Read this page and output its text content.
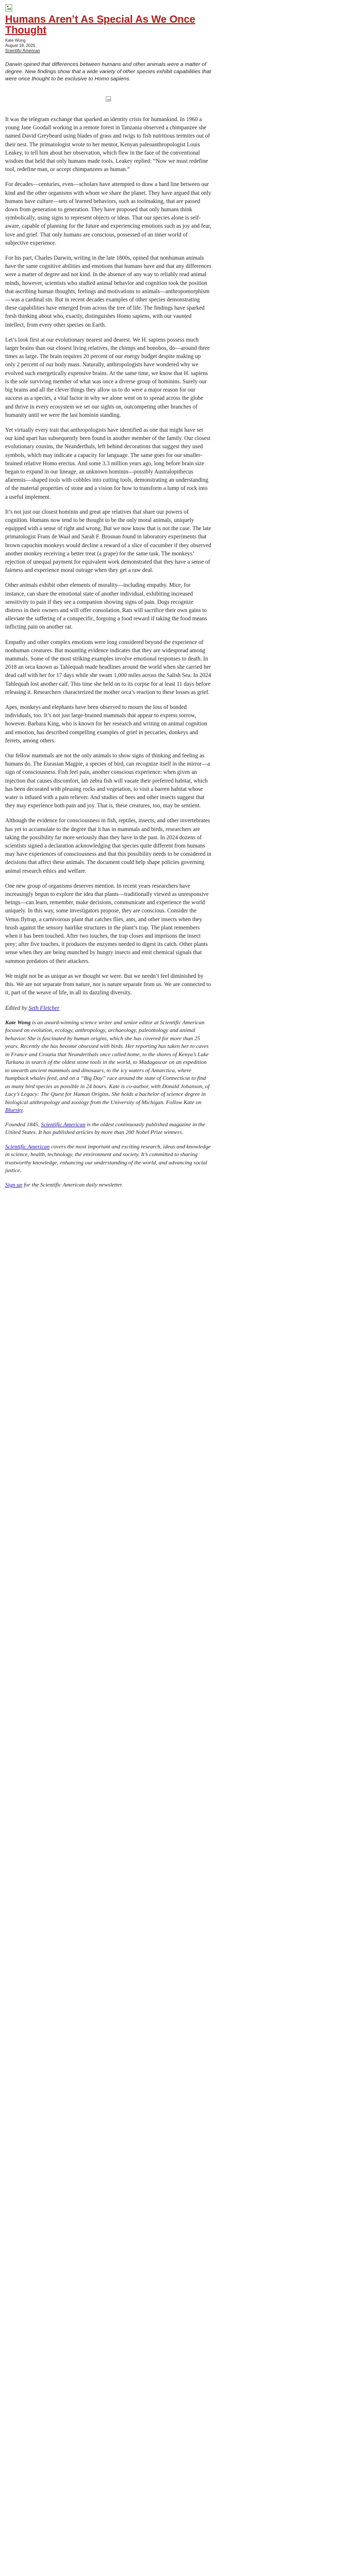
Humans Aren’t As Special As We Once Thought
Kate Wong
August 18, 2025
Scientific American

Darwin opined that differences between humans and other animals were a matter of degree. New findings show that a wide variety of other species exhibit capabilities that were once thought to be exclusive to Homo sapiens.

It was the telegram exchange that sparked an identity crisis for humankind. In 1960 a young Jane Goodall working in a remote forest in Tanzania observed a chimpanzee she named David Greybeard using blades of grass and twigs to fish nutritious termites out of their nest. The primatologist wrote to her mentor, Kenyan paleoanthropologist Louis Leakey, to tell him about her observation, which flew in the face of the conventional wisdom that held that only humans made tools. Leakey replied: “Now we must redefine tool, redefine man, or accept chimpanzees as human.”

For decades—centuries, even—scholars have attempted to draw a hard line between our kind and the other organisms with whom we share the planet. They have argued that only humans have culture—sets of learned behaviors, such as toolmaking, that are passed down from generation to generation. They have proposed that only humans think symbolically, using signs to represent objects or ideas. That our species alone is self-aware, capable of planning for the future and experiencing emotions such as joy and fear, love and grief. That only humans are conscious, possessed of an inner world of subjective experience.

For his part, Charles Darwin, writing in the late 1800s, opined that nonhuman animals have the same cognitive abilities and emotions that humans have and that any differences were a matter of degree and not kind. In the absence of any way to reliably read animal minds, however, scientists who studied animal behavior and cognition took the position that ascribing human thoughts, feelings and motivations to animals—anthropomorphism—was a cardinal sin. But in recent decades examples of other species demonstrating these capabilities have emerged from across the tree of life. The findings have sparked fresh thinking about who, exactly, distinguishes Homo sapiens, with our vaunted intellect, from every other species on Earth.

Let’s look first at our evolutionary nearest and dearest. We H. sapiens possess much larger brains than our closest living relatives, the chimps and bonobos, do—around three times as large. The brain requires 20 percent of our energy budget despite making up only 2 percent of our body mass. Naturally, anthropologists have wondered why we evolved such energetically expensive brains. At the same time, we know that H. sapiens is the sole surviving member of what was once a diverse group of hominins. Surely our big brains and all the clever things they allow us to do were a major reason for our success as a species, a vital factor in why we alone went on to spread across the globe and thrive in every ecosystem we set our sights on, outcompeting other branches of humanity until we were the last hominin standing.

Yet virtually every trait that anthropologists have identified as one that might have set our kind apart has subsequently been found in another member of the family. Our closest evolutionary cousins, the Neanderthals, left behind decorations that suggest they used symbols, which may indicate a capacity for language. The same goes for our smaller-brained relative Homo erectus. And some 3.3 million years ago, long before brain size began to expand in our lineage, an unknown hominin—possibly Australopithecus afarensis—shaped tools with cobbles into cutting tools, demonstrating an understanding of the material properties of stone and a vision for how to transform a lump of rock into a useful implement.

It’s not just our closest hominin and great ape relatives that share our powers of cognition. Humans now tend to be thought to be the only moral animals, uniquely equipped with a sense of right and wrong. But we now know that is not the case. The late primatologist Frans de Waal and Sarah F. Brosnan found in laboratory experiments that brown capuchin monkeys would decline a reward of a slice of cucumber if they observed another monkey receiving a better treat (a grape) for the same task. The monkeys’ rejection of unequal payment for equivalent work demonstrated that they have a sense of fairness and experience moral outrage when they get a raw deal.

Other animals exhibit other elements of morality—including empathy. Mice, for instance, can share the emotional state of another individual, exhibiting increased sensitivity to pain if they see a companion showing signs of pain. Dogs recognize distress in their owners and will offer consolation. Rats will sacrifice their own gains to alleviate the suffering of a conspecific, forgoing a food reward if taking the food means inflicting pain on another rat.

Empathy and other complex emotions were long considered beyond the experience of nonhuman creatures. But mounting evidence indicates that they are widespread among mammals. Some of the most striking examples involve emotional responses to death. In 2018 an orca known as Tahlequah made headlines around the world when she carried her dead calf with her for 17 days while she swam 1,000 miles across the Salish Sea. In 2024 Tahlequah lost another calf. This time she held on to its corpse for at least 11 days before releasing it. Researchers characterized the mother orca’s reaction to these losses as grief.

Apes, monkeys and elephants have been observed to mourn the loss of bonded individuals, too. It’s not just large-brained mammals that appear to express sorrow, however. Barbara King, who is known for her research and writing on animal cognition and emotion, has described compelling examples of grief in peccaries, donkeys and ferrets, among others.

Our fellow mammals are not the only animals to show signs of thinking and feeling as humans do. The Eurasian Magpie, a species of bird, can recognize itself in the mirror—a sign of consciousness. Fish feel pain, another conscious experience: when given an injection that causes discomfort, lab zebra fish will vacate their preferred habitat, which has been decorated with pleasing rocks and vegetation, to visit a barren habitat whose water is infused with a pain reliever. And studies of bees and other insects suggest that they may experience both pain and joy. That is, these creatures, too, may be sentient.

Although the evidence for consciousness in fish, reptiles, insects, and other invertebrates has yet to accumulate to the degree that it has in mammals and birds, researchers are taking the possibility far more seriously than they have in the past. In 2024 dozens of scientists signed a declaration acknowledging that species quite different from humans may have experiences of consciousness and that this possibility needs to be considered in decisions that affect these animals. The document could help shape policies governing animal research ethics and welfare.

One new group of organisms deserves mention. In recent years researchers have increasingly begun to explore the idea that plants—traditionally viewed as unresponsive beings—can learn, remember, make decisions, communicate and experience the world uniquely. In this way, some investigators propose, they are conscious. Consider the Venus flytrap, a carnivorous plant that catches flies, ants, and other insects when they brush against the sensory hairlike structures in the plant’s trap. The plant remembers when it has been touched. After two touches, the trap closes and imprisons the insect prey; after five touches, it produces the enzymes needed to digest its catch. Other plants sense when they are being munched by hungry insects and emit chemical signals that summon predators of their attackers.

We might not be as unique as we thought we were. But we needn’t feel diminished by this. We are not separate from nature, nor is nature separate from us. We are connected to it, part of the weave of life, in all its dazzling diversity.

Edited by Seth Fletcher

Kate Wong is an award-winning science writer and senior editor at Scientific American focused on evolution, ecology, anthropology, archaeology, paleontology and animal behavior. She is fascinated by human origins, which she has covered for more than 25 years. Recently she has become obsessed with birds. Her reporting has taken her to caves in France and Croatia that Neanderthals once called home, to the shores of Kenya’s Lake Turkana in search of the oldest stone tools in the world, to Madagascar on an expedition to unearth ancient mammals and dinosaurs, to the icy waters of Antarctica, where humpback whales feed, and on a “Big Day” race around the state of Connecticut to find as many bird species as possible in 24 hours. Kate is co-author, with Donald Johanson, of Lucy’s Legacy: The Quest for Human Origins. She holds a bachelor of science degree in biological anthropology and zoology from the University of Michigan. Follow Kate on Bluesky.

Founded 1845, Scientific American is the oldest continuously published magazine in the United States. It has published articles by more than 200 Nobel Prize winners.

Scientific American covers the most important and exciting research, ideas and knowledge in science, health, technology, the environment and society. It’s committed to sharing trustworthy knowledge, enhancing our understanding of the world, and advancing social justice.

Sign up for the Scientific American daily newsletter.
